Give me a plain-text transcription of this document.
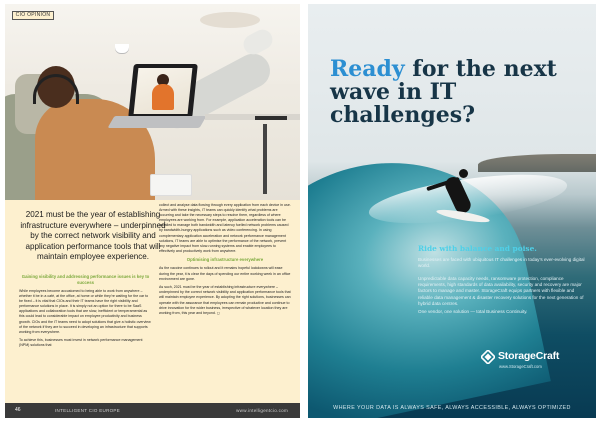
CIO OPINION
2021 must be the year of establishing infrastructure everywhere – underpinned by the correct network visibility and application performance tools that will maintain employee experience.
Gaining visibility and addressing performance issues is key to success

While employees become accustomed to being able to work from anywhere – whether it be in a café, at the office, at home or while they’re waiting for the car to be fixed – it is vital that CIOs and their IT teams have the right visibility and performance solutions in place. It is simply not an option for there to be SaaS applications and collaboration tools that are slow, inefficient or temperamental as this could lead to considerable impact on employee productivity and business growth. CIOs and the IT teams need to adopt solutions that give a holistic overview of the network if they are to succeed in developing an infrastructure that supports working from everywhere.

To achieve this, businesses must invest in network performance management (NPM) solutions that

collect and analyse data flowing through every application from each device in use. Armed with these insights, IT teams can quickly identify what problems are occurring and take the necessary steps to resolve them, regardless of where employees are working from. For example, application acceleration tools can be installed to manage both bandwidth and latency fuelled network problems caused by bandwidth-hungry applications such as video conferencing. In using complementary application acceleration and network performance management solutions, IT teams are able to optimise the performance of the network, prevent any negative impact from slow-running systems and enable employees to effectively and productively work from anywhere.

Optimising infrastructure everywhere

As the vaccine continues to rollout and it remains hopeful lockdowns will ease during the year, it is clear the days of spending our entire working week in an office environment are gone.

As such, 2021 must be the year of establishing infrastructure everywhere – underpinned by the correct network visibility and application performance tools that will maintain employee experience. By adopting the right solutions, businesses can operate with the assurance that employees can remain productive and continue to drive innovation for the wider business, irrespective of whatever location they are working from, this year and beyond. ◻

46	INTELLIGENT CIO EUROPE	www.intelligentcio.com
Ready for the next wave in IT challenges?
Ride with balance and poise.

Businesses are faced with ubiquitous IT challenges in today’s ever-evolving digital world.

Unpredictable data capacity needs, ransomware protection, compliance requirements, high standards of data availability, security and recovery are major factors to manage and master. StorageCraft equips partners with flexible and reliable data management & disaster recovery solutions for the next generation of hybrid data centres.

One vendor, one solution — total Business Continuity.

StorageCraft
www.StorageCraft.com
WHERE YOUR DATA IS ALWAYS SAFE, ALWAYS ACCESSIBLE, ALWAYS OPTIMIZED
